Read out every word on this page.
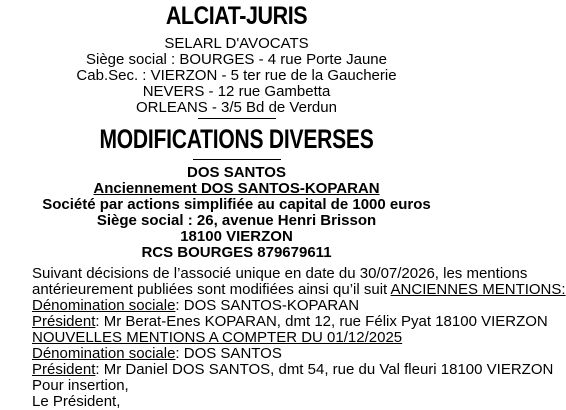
ALCIAT-JURIS
SELARL D'AVOCATS
Siège social : BOURGES - 4 rue Porte Jaune
Cab.Sec. : VIERZON - 5 ter rue de la Gaucherie
NEVERS - 12 rue Gambetta
ORLEANS - 3/5 Bd de Verdun
MODIFICATIONS DIVERSES
DOS SANTOS
Anciennement DOS SANTOS-KOPARAN
Société par actions simplifiée au capital de 1000 euros
Siège social : 26, avenue Henri Brisson
18100 VIERZON
RCS BOURGES 879679611
Suivant décisions de l’associé unique en date du 30/07/2026, les mentions
antérieurement publiées sont modifiées ainsi qu’il suit ANCIENNES MENTIONS:
Dénomination sociale: DOS SANTOS-KOPARAN
Président: Mr Berat-Enes KOPARAN, dmt 12, rue Félix Pyat 18100 VIERZON
NOUVELLES MENTIONS A COMPTER DU 01/12/2025
Dénomination sociale: DOS SANTOS
Président: Mr Daniel DOS SANTOS, dmt 54, rue du Val fleuri 18100 VIERZON
Pour insertion,
Le Président,
